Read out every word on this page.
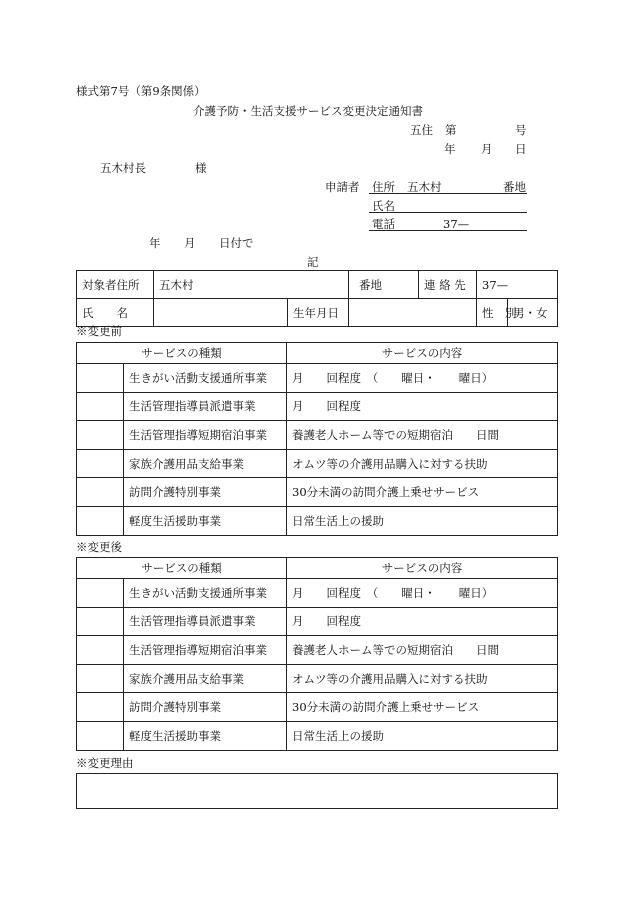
様式第7号（第9条関係）
介護予防・生活支援サービス変更決定通知書
五住 第	号
年 月 日
五木村長	様
申請者 住所 五木村	番地
氏名
電話	37—
年 月 日付で
記
対象者住所	五木村		番地	連 絡 先	37—	
氏　　名		生年月日			性　別	男・女
※変更前
サービスの種類		サービスの内容
	生きがい活動支援通所事業	月　　回程度　（　　曜日・　　曜日）
	生活管理指導員派遣事業	月　　回程度
	生活管理指導短期宿泊事業	養護老人ホーム等での短期宿泊　　日間
	家族介護用品支給事業	オムツ等の介護用品購入に対する扶助
	訪問介護特別事業	30分未満の訪問介護上乗せサービス
	軽度生活援助事業	日常生活上の援助
※変更後
サービスの種類		サービスの内容
	生きがい活動支援通所事業	月　　回程度　（　　曜日・　　曜日）
	生活管理指導員派遣事業	月　　回程度
	生活管理指導短期宿泊事業	養護老人ホーム等での短期宿泊　　日間
	家族介護用品支給事業	オムツ等の介護用品購入に対する扶助
	訪問介護特別事業	30分未満の訪問介護上乗せサービス
	軽度生活援助事業	日常生活上の援助
※変更理由
